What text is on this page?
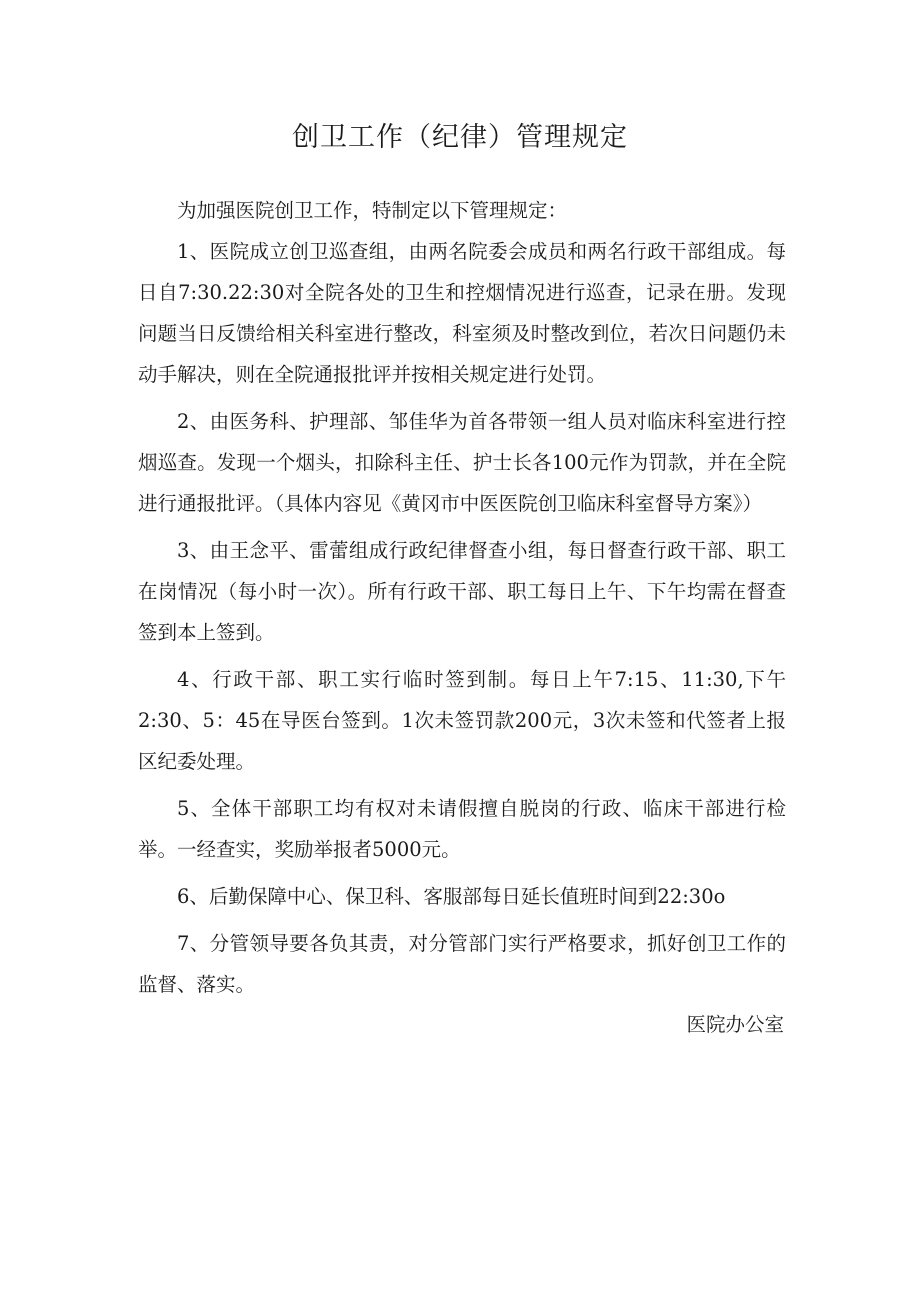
创卫工作（纪律）管理规定

为加强医院创卫工作，特制定以下管理规定：

1、医院成立创卫巡查组，由两名院委会成员和两名行政干部组成。每日自7:30.22:30对全院各处的卫生和控烟情况进行巡查，记录在册。发现问题当日反馈给相关科室进行整改，科室须及时整改到位，若次日问题仍未动手解决，则在全院通报批评并按相关规定进行处罚。

2、由医务科、护理部、邹佳华为首各带领一组人员对临床科室进行控烟巡查。发现一个烟头，扣除科主任、护士长各100元作为罚款，并在全院进行通报批评。（具体内容见《黄冈市中医医院创卫临床科室督导方案》）

3、由王念平、雷蕾组成行政纪律督查小组，每日督查行政干部、职工在岗情况（每小时一次）。所有行政干部、职工每日上午、下午均需在督查签到本上签到。

4、行政干部、职工实行临时签到制。每日上午7:15、11:30,下午2:30、5：45在导医台签到。1次未签罚款200元，3次未签和代签者上报区纪委处理。

5、全体干部职工均有权对未请假擅自脱岗的行政、临床干部进行检举。一经查实，奖励举报者5000元。

6、后勤保障中心、保卫科、客服部每日延长值班时间到22:30o

7、分管领导要各负其责，对分管部门实行严格要求，抓好创卫工作的监督、落实。

医院办公室
